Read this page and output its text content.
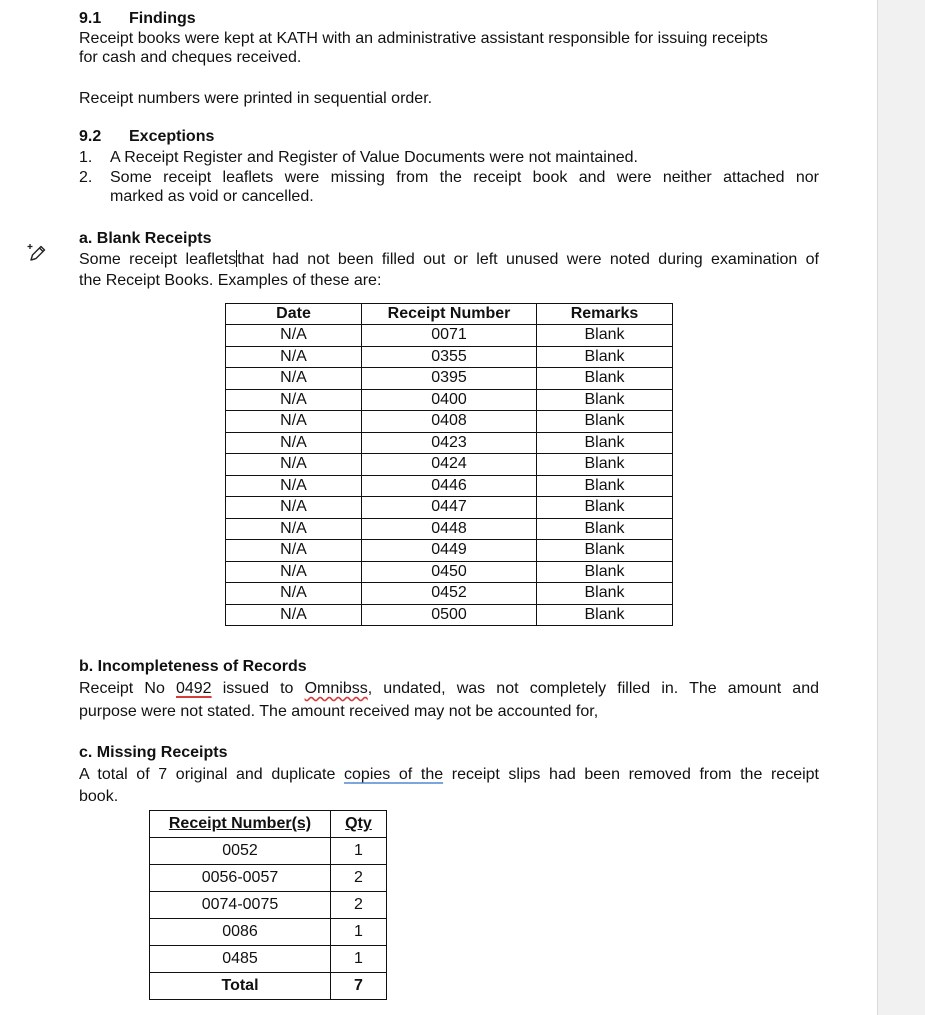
9.1 Findings
Receipt books were kept at KATH with an administrative assistant responsible for issuing receipts
for cash and cheques received.
Receipt numbers were printed in sequential order.
9.2 Exceptions
1. A Receipt Register and Register of Value Documents were not maintained.
2. Some receipt leaflets were missing from the receipt book and were neither attached nor
marked as void or cancelled.
a. Blank Receipts
Some receipt leafletsthat had not been filled out or left unused were noted during examination of
the Receipt Books. Examples of these are:
Date	Receipt Number	Remarks
N/A	0071	Blank
N/A	0355	Blank
N/A	0395	Blank
N/A	0400	Blank
N/A	0408	Blank
N/A	0423	Blank
N/A	0424	Blank
N/A	0446	Blank
N/A	0447	Blank
N/A	0448	Blank
N/A	0449	Blank
N/A	0450	Blank
N/A	0452	Blank
N/A	0500	Blank
b. Incompleteness of Records
Receipt No 0492 issued to Omnibss, undated, was not completely filled in. The amount and
purpose were not stated. The amount received may not be accounted for,
c. Missing Receipts
A total of 7 original and duplicate copies of the receipt slips had been removed from the receipt
book.
Receipt Number(s)	Qty
0052	1
0056-0057	2
0074-0075	2
0086	1
0485	1
Total	7
